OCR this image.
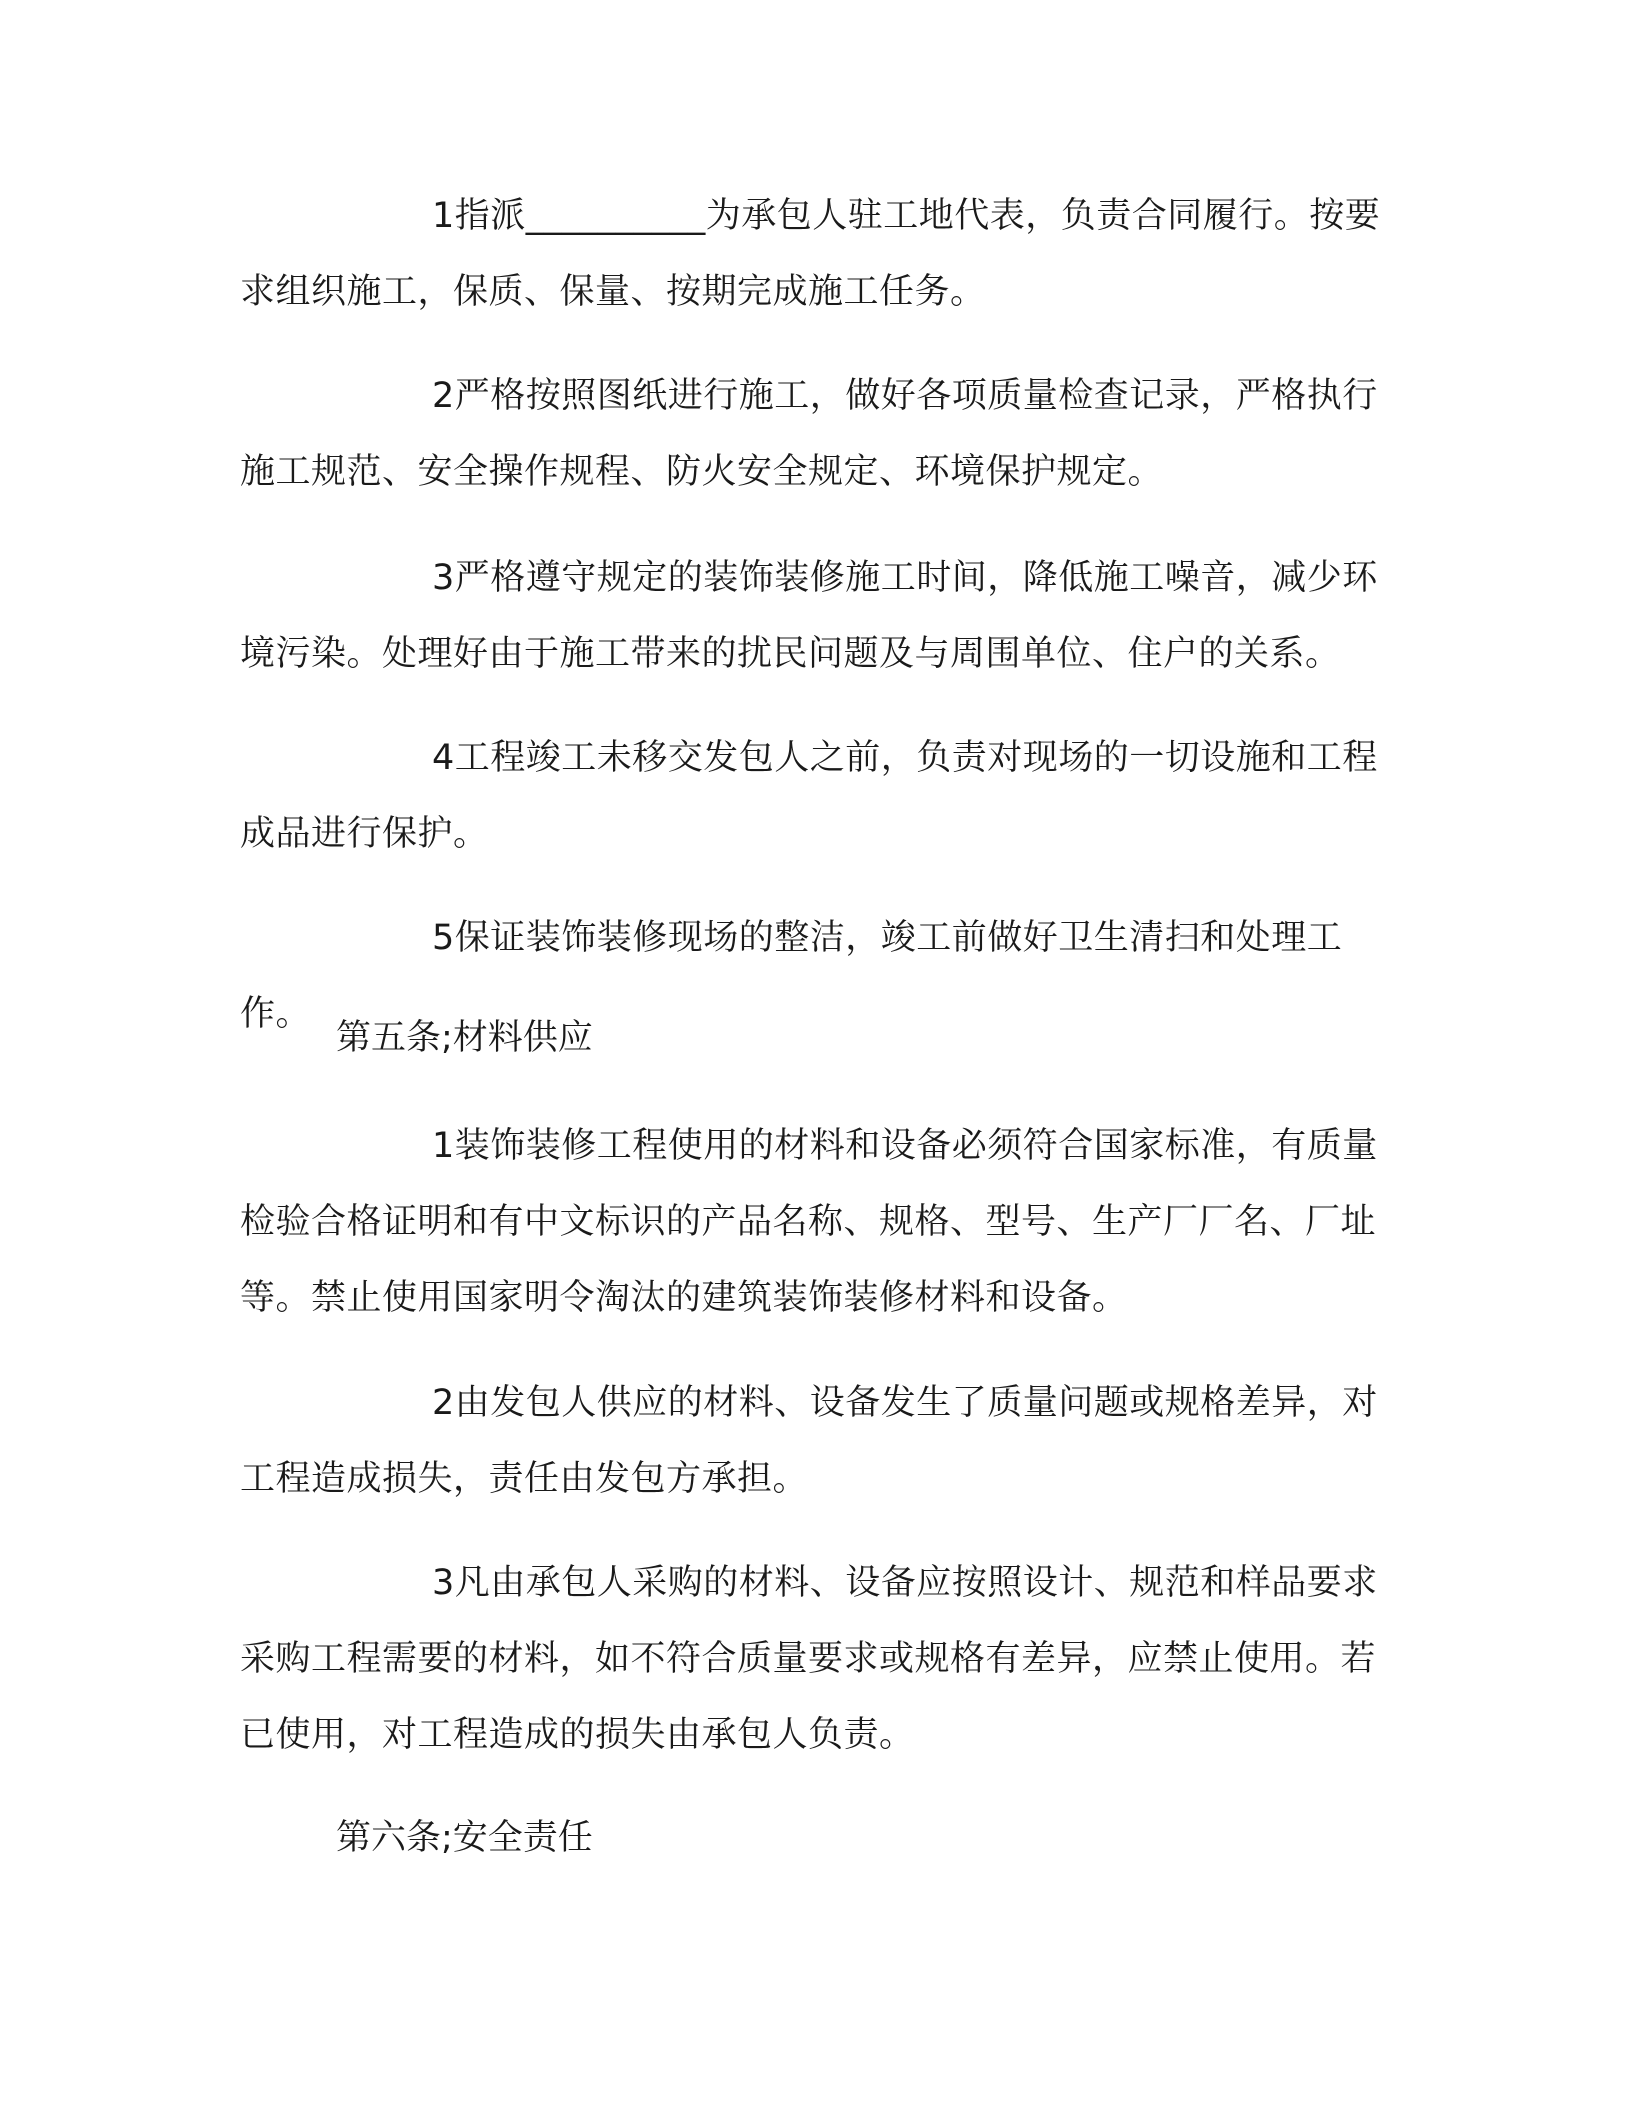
1指派__________为承包人驻工地代表，负责合同履行。按要求组织施工，保质、保量、按期完成施工任务。

2严格按照图纸进行施工，做好各项质量检查记录，严格执行施工规范、安全操作规程、防火安全规定、环境保护规定。

3严格遵守规定的装饰装修施工时间，降低施工噪音，减少环境污染。处理好由于施工带来的扰民问题及与周围单位、住户的关系。

4工程竣工未移交发包人之前，负责对现场的一切设施和工程成品进行保护。

5保证装饰装修现场的整洁，竣工前做好卫生清扫和处理工作。

第五条;材料供应

1装饰装修工程使用的材料和设备必须符合国家标准，有质量检验合格证明和有中文标识的产品名称、规格、型号、生产厂厂名、厂址等。禁止使用国家明令淘汰的建筑装饰装修材料和设备。

2由发包人供应的材料、设备发生了质量问题或规格差异，对工程造成损失，责任由发包方承担。

3凡由承包人采购的材料、设备应按照设计、规范和样品要求采购工程需要的材料，如不符合质量要求或规格有差异，应禁止使用。若已使用，对工程造成的损失由承包人负责。

第六条;安全责任
